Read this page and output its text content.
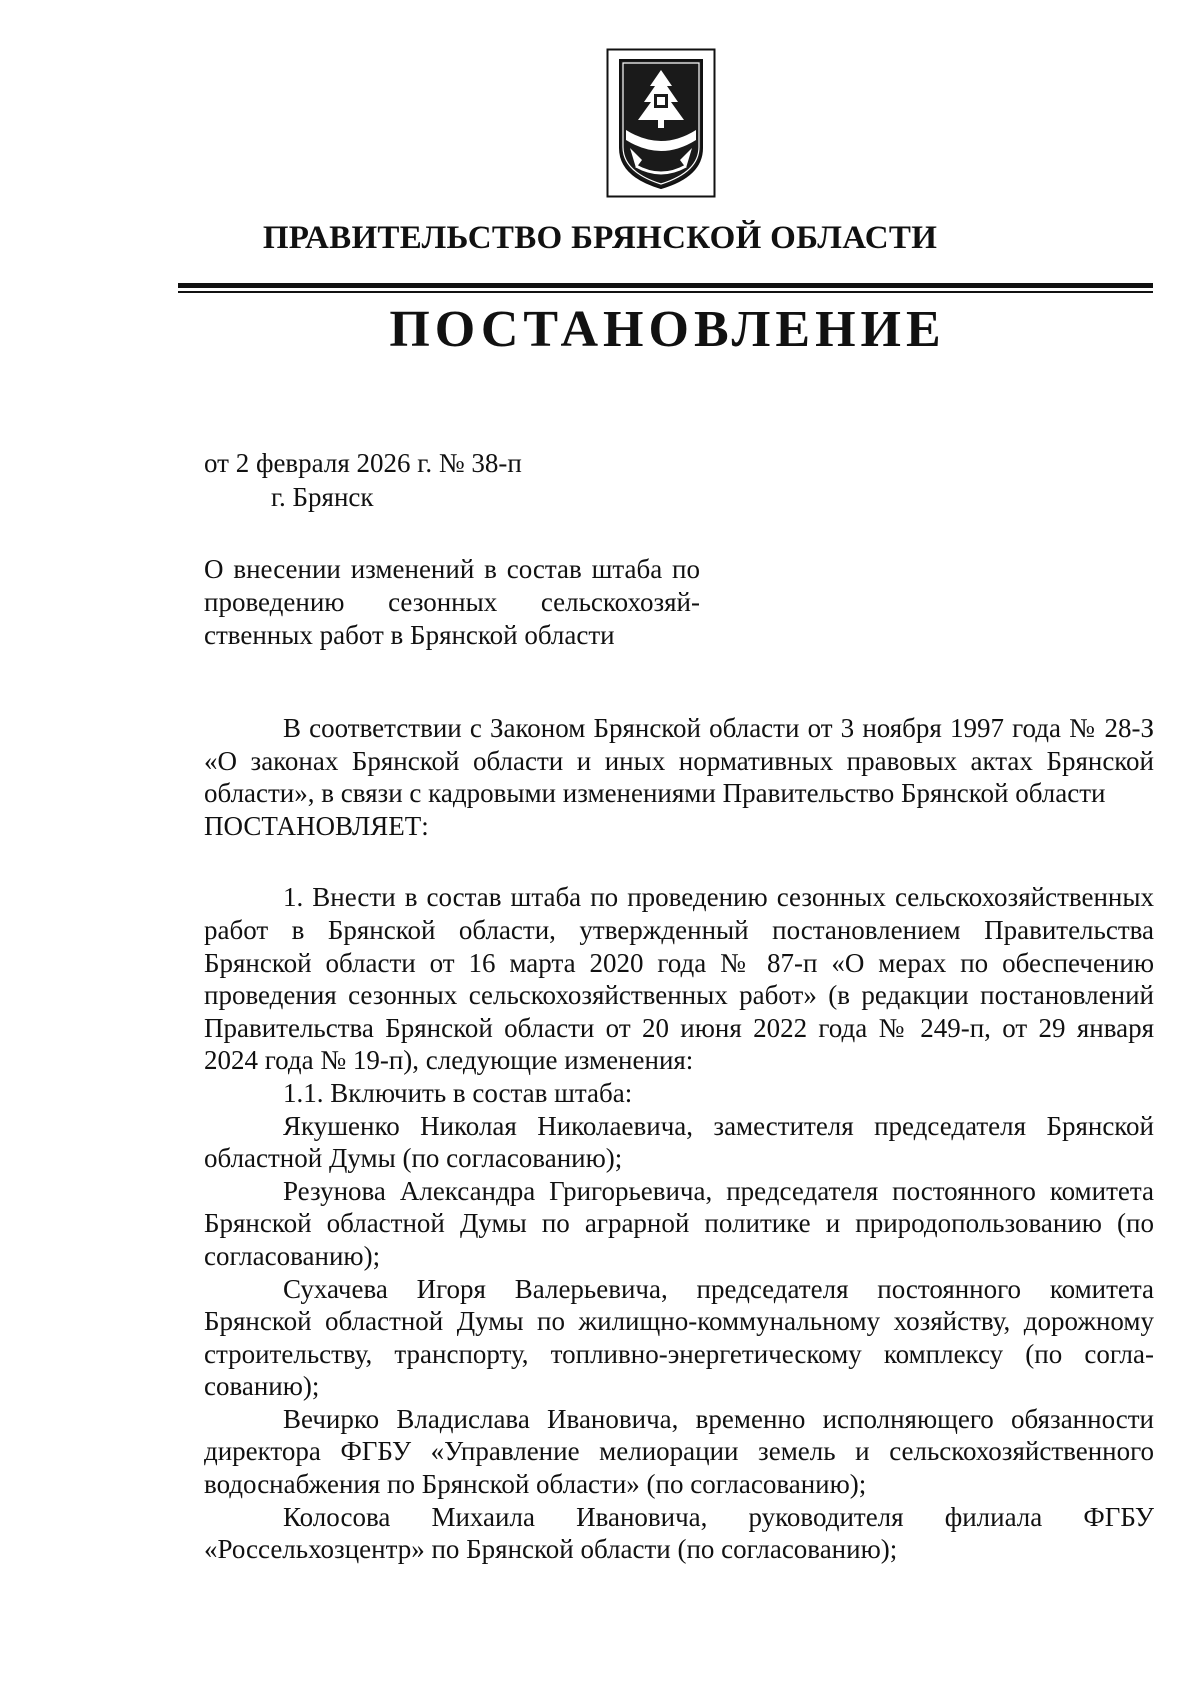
ПРАВИТЕЛЬСТВО БРЯНСКОЙ ОБЛАСТИ
ПОСТАНОВЛЕНИЕ

от 2 февраля 2026 г. № 38-п

г. Брянск

О внесении изменений в состав штаба по проведению сезонных сельскохозяйственных работ в Брянской области

В соответствии с Законом Брянской области от 3 ноября 1997 года № 28-З «О законах Брянской области и иных нормативных правовых актах Брянской области», в связи с кадровыми изменениями Правительство Брянской области

ПОСТАНОВЛЯЕТ:

1. Внести в состав штаба по проведению сезонных сельскохозяйственных работ в Брянской области, утвержденный постановлением Правительства Брянской области от 16 марта 2020 года № 87-п «О мерах по обеспечению проведения сезонных сельскохозяйственных работ» (в редакции постановлений Правительства Брянской области от 20 июня 2022 года № 249-п, от 29 января 2024 года № 19-п), следующие изменения:

1.1. Включить в состав штаба:

Якушенко Николая Николаевича, заместителя председателя Брянской областной Думы (по согласованию);

Резунова Александра Григорьевича, председателя постоянного комитета Брянской областной Думы по аграрной политике и природопользованию (по согласованию);

Сухачева Игоря Валерьевича, председателя постоянного комитета Брянской областной Думы по жилищно-коммунальному хозяйству, дорожному строительству, транспорту, топливно-энергетическому комплексу (по согласованию);

Вечирко Владислава Ивановича, временно исполняющего обязанности директора ФГБУ «Управление мелиорации земель и сельскохозяйственного водоснабжения по Брянской области» (по согласованию);

Колосова Михаила Ивановича, руководителя филиала ФГБУ «Россельхозцентр» по Брянской области (по согласованию);
